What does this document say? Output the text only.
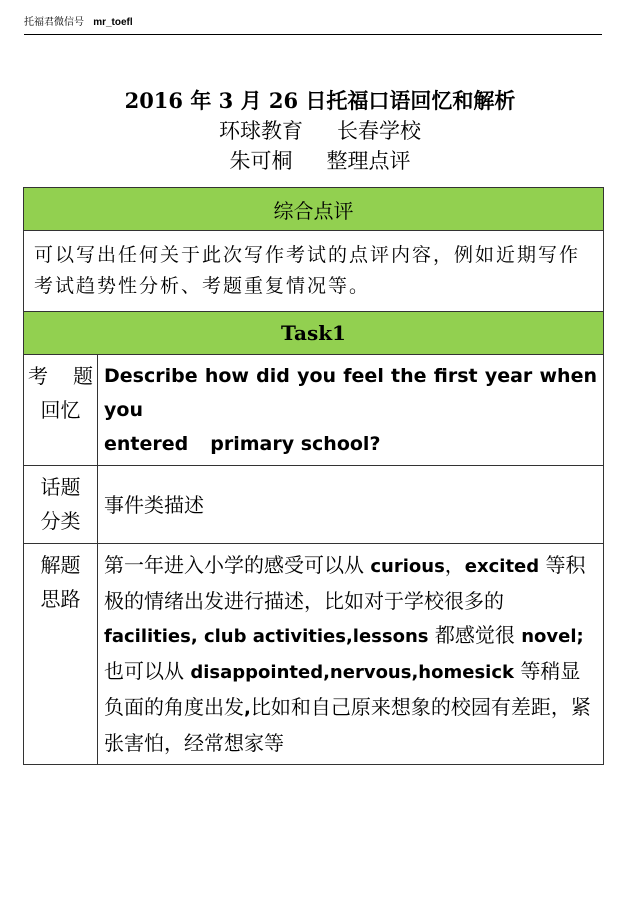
托福君微信号 mr_toefl
2016 年 3 月 26 日托福口语回忆和解析
环球教育 长春学校
朱可桐 整理点评
综合点评	
可以写出任何关于此次写作考试的点评内容，例如近期写作考试趋势性分析、考题重复情况等。	
Task1	

考　题
回忆	Describe how did you feel the first year when you
entered primary school?

话题
分类	事件类描述

解题
思路	第一年进入小学的感受可以从 curious，excited 等积极的情绪出发进行描述，比如对于学校很多的 facilities, club activities,lessons 都感觉很 novel; 也可以从 disappointed,nervous,homesick 等稍显负面的角度出发,比如和自己原来想象的校园有差距，紧张害怕，经常想家等
